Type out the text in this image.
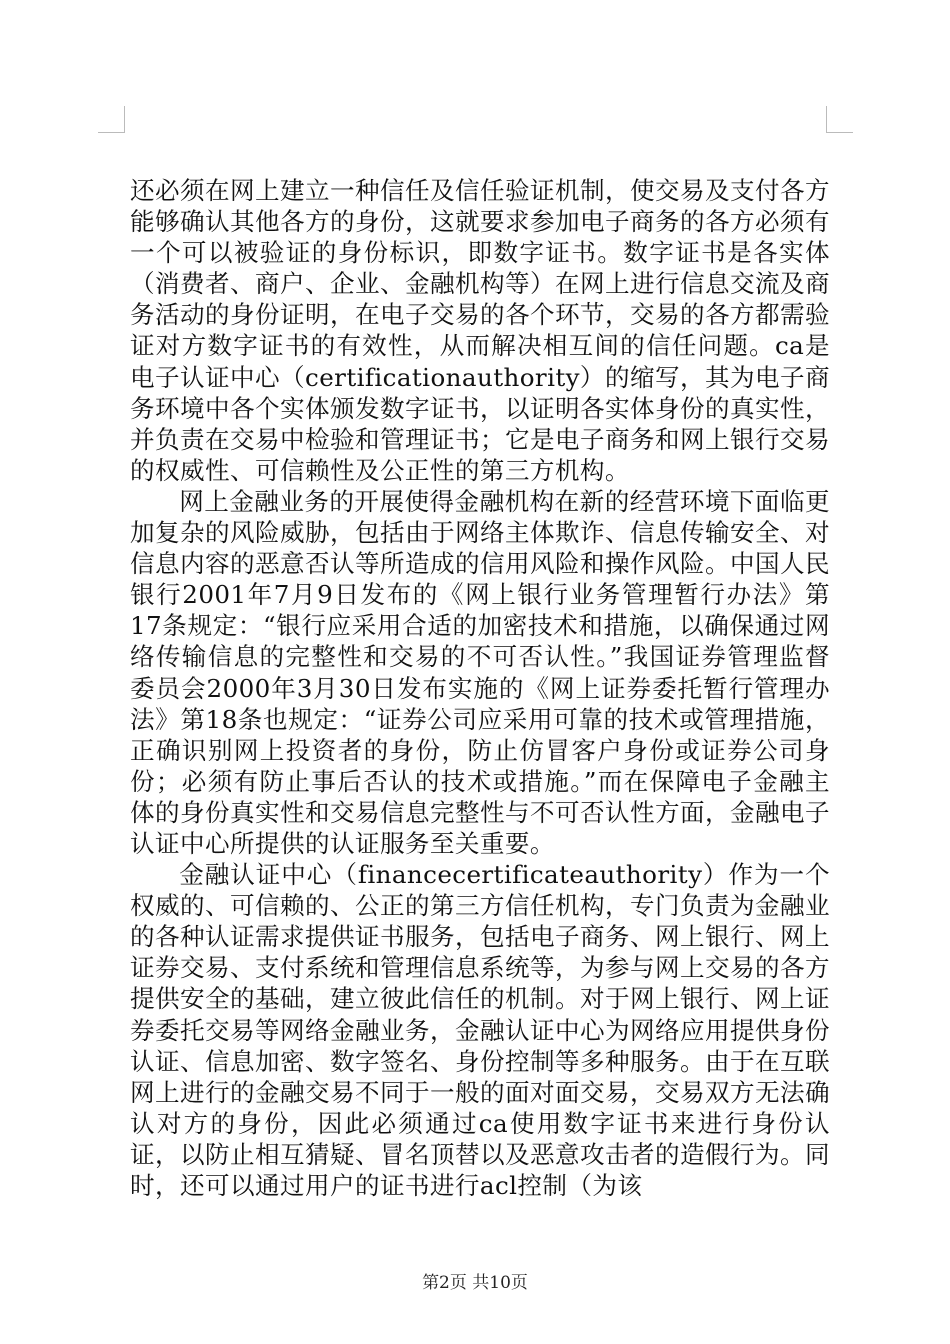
还必须在网上建立一种信任及信任验证机制，使交易及支付各方能够确认其他各方的身份，这就要求参加电子商务的各方必须有一个可以被验证的身份标识，即数字证书。数字证书是各实体（消费者、商户、企业、金融机构等）在网上进行信息交流及商务活动的身份证明，在电子交易的各个环节，交易的各方都需验证对方数字证书的有效性，从而解决相互间的信任问题。ca是电子认证中心（certificationauthority）的缩写，其为电子商务环境中各个实体颁发数字证书，以证明各实体身份的真实性，并负责在交易中检验和管理证书；它是电子商务和网上银行交易的权威性、可信赖性及公正性的第三方机构。

网上金融业务的开展使得金融机构在新的经营环境下面临更加复杂的风险威胁，包括由于网络主体欺诈、信息传输安全、对信息内容的恶意否认等所造成的信用风险和操作风险。中国人民银行2001年7月9日发布的《网上银行业务管理暂行办法》第17条规定：“银行应采用合适的加密技术和措施，以确保通过网络传输信息的完整性和交易的不可否认性。”我国证券管理监督委员会2000年3月30日发布实施的《网上证券委托暂行管理办法》第18条也规定：“证券公司应采用可靠的技术或管理措施，正确识别网上投资者的身份，防止仿冒客户身份或证券公司身份；必须有防止事后否认的技术或措施。”而在保障电子金融主体的身份真实性和交易信息完整性与不可否认性方面，金融电子认证中心所提供的认证服务至关重要。

金融认证中心（financecertificateauthority）作为一个权威的、可信赖的、公正的第三方信任机构，专门负责为金融业的各种认证需求提供证书服务，包括电子商务、网上银行、网上证券交易、支付系统和管理信息系统等，为参与网上交易的各方提供安全的基础，建立彼此信任的机制。对于网上银行、网上证券委托交易等网络金融业务，金融认证中心为网络应用提供身份认证、信息加密、数字签名、身份控制等多种服务。由于在互联网上进行的金融交易不同于一般的面对面交易，交易双方无法确认对方的身份，因此必须通过ca使用数字证书来进行身份认证，以防止相互猜疑、冒名顶替以及恶意攻击者的造假行为。同时，还可以通过用户的证书进行acl控制（为该

第2页 共10页
